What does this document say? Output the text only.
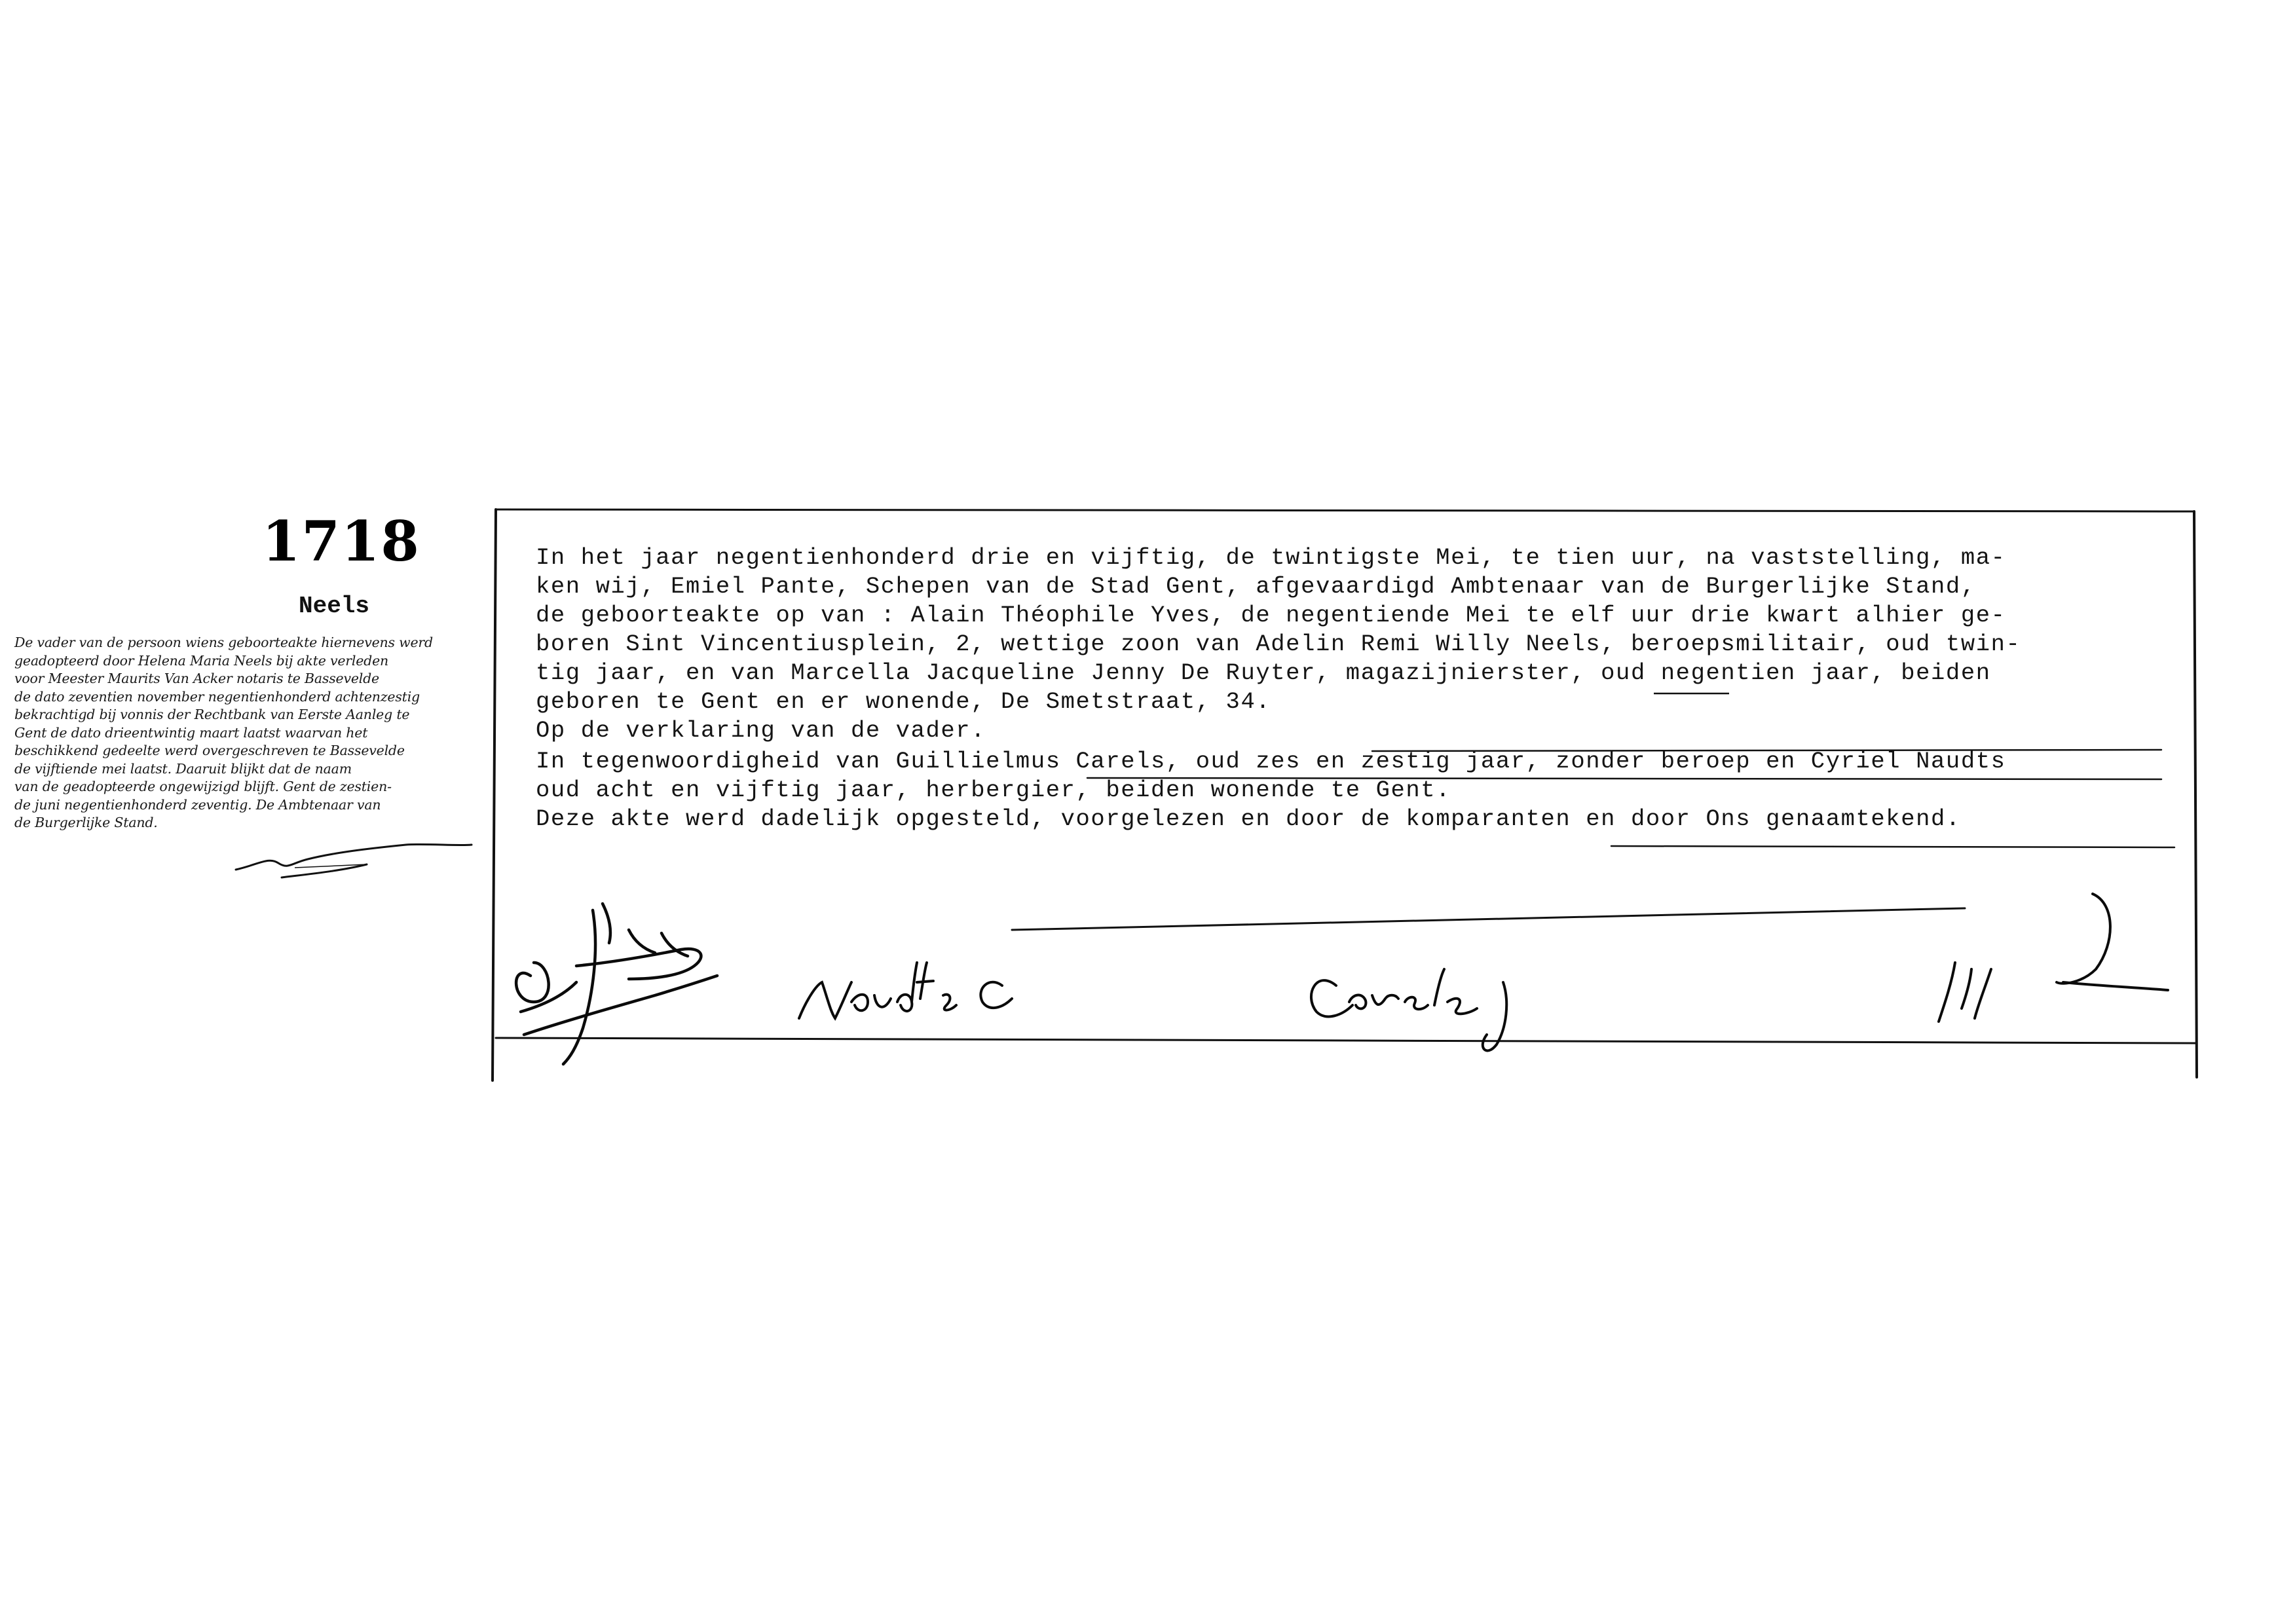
1718
Neels
De vader van de persoon wiens geboorteakte hiernevens werd
geadopteerd door Helena Maria Neels bij akte verleden
voor Meester Maurits Van Acker notaris te Bassevelde
de dato zeventien november negentienhonderd achtenzestig
bekrachtigd bij vonnis der Rechtbank van Eerste Aanleg te
Gent de dato drieentwintig maart laatst waarvan het
beschikkend gedeelte werd overgeschreven te Bassevelde
de vijftiende mei laatst. Daaruit blijkt dat de naam
van de geadopteerde ongewijzigd blijft. Gent de zestien-
de juni negentienhonderd zeventig. De Ambtenaar van
de Burgerlijke Stand.
In het jaar negentienhonderd drie en vijftig, de twintigste Mei, te tien uur, na vaststelling, ma-
ken wij, Emiel Pante, Schepen van de Stad Gent, afgevaardigd Ambtenaar van de Burgerlijke Stand,
de geboorteakte op van : Alain Théophile Yves, de negentiende Mei te elf uur drie kwart alhier ge-
boren Sint Vincentiusplein, 2, wettige zoon van Adelin Remi Willy Neels, beroepsmilitair, oud twin-
tig jaar, en van Marcella Jacqueline Jenny De Ruyter, magazijnierster, oud negentien jaar, beiden
geboren te Gent en er wonende, De Smetstraat, 34.
Op de verklaring van de vader.
In tegenwoordigheid van Guillielmus Carels, oud zes en zestig jaar, zonder beroep en Cyriel Naudts
oud acht en vijftig jaar, herbergier, beiden wonende te Gent.
Deze akte werd dadelijk opgesteld, voorgelezen en door de komparanten en door Ons genaamtekend.
